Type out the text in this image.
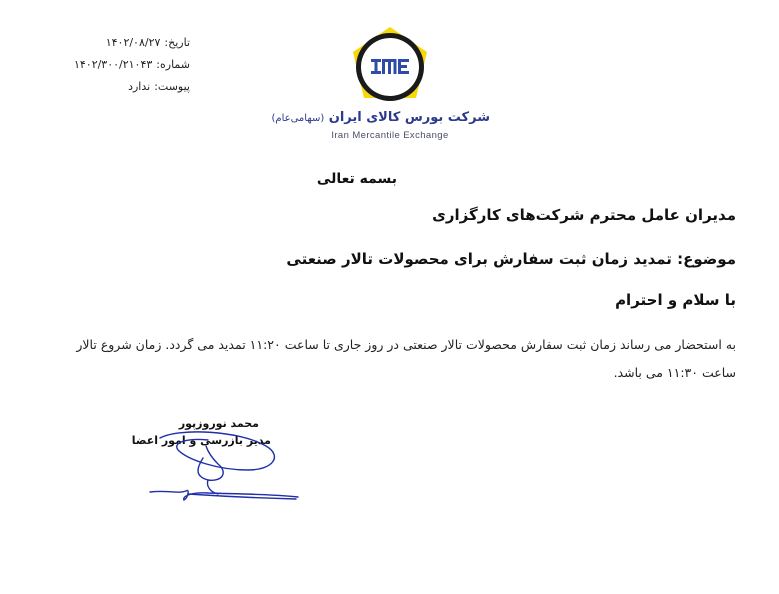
تاریخ:
۱۴۰۲/۰۸/۲۷
شماره:
۱۴۰۲/۳۰۰/۲۱۰۴۳
پیوست:
ندارد
شرکت بورس کالای ایران (سهامی‌عام)
Iran Mercantile Exchange
بسمه تعالی
مدیران عامل محترم شرکت‌های کارگزاری
موضوع: تمدید زمان ثبت سفارش برای محصولات تالار صنعتی
با سلام و احترام
به استحضار می رساند زمان ثبت سفارش محصولات تالار صنعتی در روز جاری تا ساعت ۱۱:۲۰ تمدید می گردد. زمان شروع تالار ساعت ۱۱:۳۰ می باشد.
محمد نوروزپور
مدیر بازرسی و امور اعضا
